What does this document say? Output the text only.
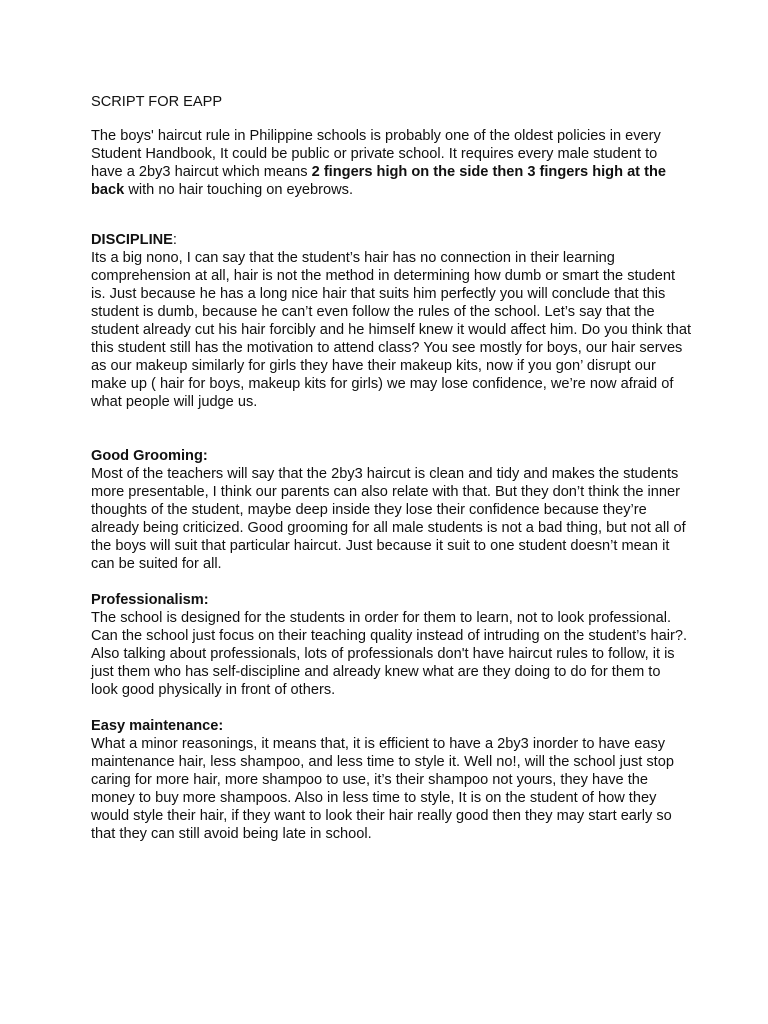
SCRIPT FOR EAPP

The boys' haircut rule in Philippine schools is probably one of the oldest policies in every Student Handbook, It could be public or private school. It requires every male student to have a 2by3 haircut which means 2 fingers high on the side then 3 fingers high at the back with no hair touching on eyebrows.

DISCIPLINE:

Its a big nono, I can say that the student’s hair has no connection in their learning comprehension at all, hair is not the method in determining how dumb or smart the student is. Just because he has a long nice hair that suits him perfectly you will conclude that this student is dumb, because he can’t even follow the rules of the school. Let’s say that the student already cut his hair forcibly and he himself knew it would affect him. Do you think that this student still has the motivation to attend class? You see mostly for boys, our hair serves as our makeup similarly for girls they have their makeup kits, now if you gon’ disrupt our make up ( hair for boys, makeup kits for girls) we may lose confidence, we’re now afraid of what people will judge us.

Good Grooming:

Most of the teachers will say that the 2by3 haircut is clean and tidy and makes the students more presentable, I think our parents can also relate with that. But they don’t think the inner thoughts of the student, maybe deep inside they lose their confidence because they’re already being criticized. Good grooming for all male students is not a bad thing, but not all of the boys will suit that particular haircut. Just because it suit to one student doesn’t mean it can be suited for all.

Professionalism:

The school is designed for the students in order for them to learn, not to look professional. Can the school just focus on their teaching quality instead of intruding on the student’s hair?. Also talking about professionals, lots of professionals don't have haircut rules to follow, it is just them who has self-discipline and already knew what are they doing to do for them to look good physically in front of others.

Easy maintenance:

What a minor reasonings, it means that, it is efficient to have a 2by3 inorder to have easy maintenance hair, less shampoo, and less time to style it. Well no!, will the school just stop caring for more hair, more shampoo to use, it’s their shampoo not yours, they have the money to buy more shampoos. Also in less time to style, It is on the student of how they would style their hair, if they want to look their hair really good then they may start early so that they can still avoid being late in school.
